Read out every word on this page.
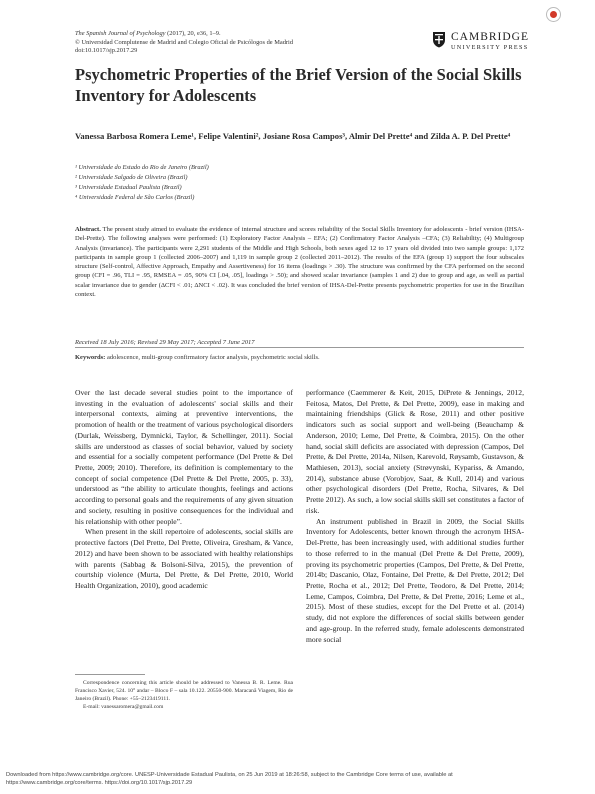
The Spanish Journal of Psychology (2017), 20, e36, 1–9.
© Universidad Complutense de Madrid and Colegio Oficial de Psicólogos de Madrid
doi:10.1017/sjp.2017.29
CAMBRIDGE
UNIVERSITY PRESS
Psychometric Properties of the Brief Version of the Social Skills Inventory for Adolescents
Vanessa Barbosa Romera Leme¹, Felipe Valentini², Josiane Rosa Campos³, Almir Del Prette⁴ and Zilda A. P. Del Prette⁴
¹ Universidade do Estado do Rio de Janeiro (Brazil)
² Universidade Salgado de Oliveira (Brazil)
³ Universidade Estadual Paulista (Brazil)
⁴ Universidade Federal de São Carlos (Brazil)
Abstract. The present study aimed to evaluate the evidence of internal structure and scores reliability of the Social Skills Inventory for adolescents - brief version (IHSA-Del-Prette). The following analyses were performed: (1) Exploratory Factor Analysis – EFA; (2) Confirmatory Factor Analysis –CFA; (3) Reliability; (4) Multigroup Analysis (invariance). The participants were 2,291 students of the Middle and High Schools, both sexes aged 12 to 17 years old divided into two sample groups: 1,172 participants in sample group 1 (collected 2006–2007) and 1,119 in sample group 2 (collected 2011–2012). The results of the EFA (group 1) support the four subscales structure (Self-control, Affective Approach, Empathy and Assertiveness) for 16 items (loadings > .30). The structure was confirmed by the CFA performed on the second group (CFI = .96, TLI = .95, RMSEA = .05, 90% CI [.04, .05], loadings > .50); and showed scalar invariance (samples 1 and 2) due to group and age, as well as partial scalar invariance due to gender (ΔCFI < .01; ΔNCI < .02). It was concluded the brief version of IHSA-Del-Prette presents psychometric properties for use in the Brazilian context.
Received 18 July 2016; Revised 29 May 2017; Accepted 7 June 2017
Keywords: adolescence, multi-group confirmatory factor analysis, psychometric social skills.

Over the last decade several studies point to the importance of investing in the evaluation of adolescents' social skills and their interpersonal contexts, aiming at preventive interventions, the promotion of health or the treatment of various psychological disorders (Durlak, Weissberg, Dymnicki, Taylor, & Schellinger, 2011). Social skills are understood as classes of social behavior, valued by society and essential for a socially competent performance (Del Prette & Del Prette, 2009; 2010). Therefore, its definition is complementary to the concept of social competence (Del Prette & Del Prette, 2005, p. 33), understood as “the ability to articulate thoughts, feelings and actions according to personal goals and the requirements of any given situation and society, resulting in positive consequences for the individual and his relationship with other people”.

When present in the skill repertoire of adolescents, social skills are protective factors (Del Prette, Del Prette, Oliveira, Gresham, & Vance, 2012) and have been shown to be associated with healthy relationships with parents (Sabbag & Bolsoni-Silva, 2015), the prevention of courtship violence (Murta, Del Prette, & Del Prette, 2010, World Health Organization, 2010), good academic

performance (Caemmerer & Keit, 2015, DiPrete & Jennings, 2012, Feitosa, Matos, Del Prette, & Del Prette, 2009), ease in making and maintaining friendships (Glick & Rose, 2011) and other positive indicators such as social support and well-being (Beauchamp & Anderson, 2010; Leme, Del Prette, & Coimbra, 2015). On the other hand, social skill deficits are associated with depression (Campos, Del Prette, & Del Prette, 2014a, Nilsen, Karevold, Røysamb, Gustavson, & Mathiesen, 2013), social anxiety (Strøvynski, Kypariss, & Amando, 2014), substance abuse (Vorobjov, Saat, & Kull, 2014) and various other psychological disorders (Del Prette, Rocha, Silvares, & Del Prette 2012). As such, a low social skills skill set constitutes a factor of risk.

An instrument published in Brazil in 2009, the Social Skills Inventory for Adolescents, better known through the acronym IHSA-Del-Prette, has been increasingly used, with additional studies further to those referred to in the manual (Del Prette & Del Prette, 2009), proving its psychometric properties (Campos, Del Prette, & Del Prette, 2014b; Dascanio, Olaz, Fontaine, Del Prette, & Del Prette, 2012; Del Prette, Rocha et al., 2012; Del Prette, Teodoro, & Del Prette, 2014; Leme, Campos, Coimbra, Del Prette, & Del Prette, 2016; Leme et al., 2015). Most of these studies, except for the Del Prette et al. (2014) study, did not explore the differences of social skills between gender and age-group. In the referred study, female adolescents demonstrated more social

Correspondence concerning this article should be addressed to Vanessa B. R. Leme. Rua Francisco Xavier, 524. 10° andar – Bloco F – sala 10.122. 20550-900. Maracanã Viagem, Rio de Janeiro (Brazil). Phone: +55–2123419111.

E-mail: vanessaromera@gmail.com

Downloaded from https://www.cambridge.org/core. UNESP-Universidade Estadual Paulista, on 25 Jun 2019 at 18:26:58, subject to the Cambridge Core terms of use, available at
https://www.cambridge.org/core/terms. https://doi.org/10.1017/sjp.2017.29
